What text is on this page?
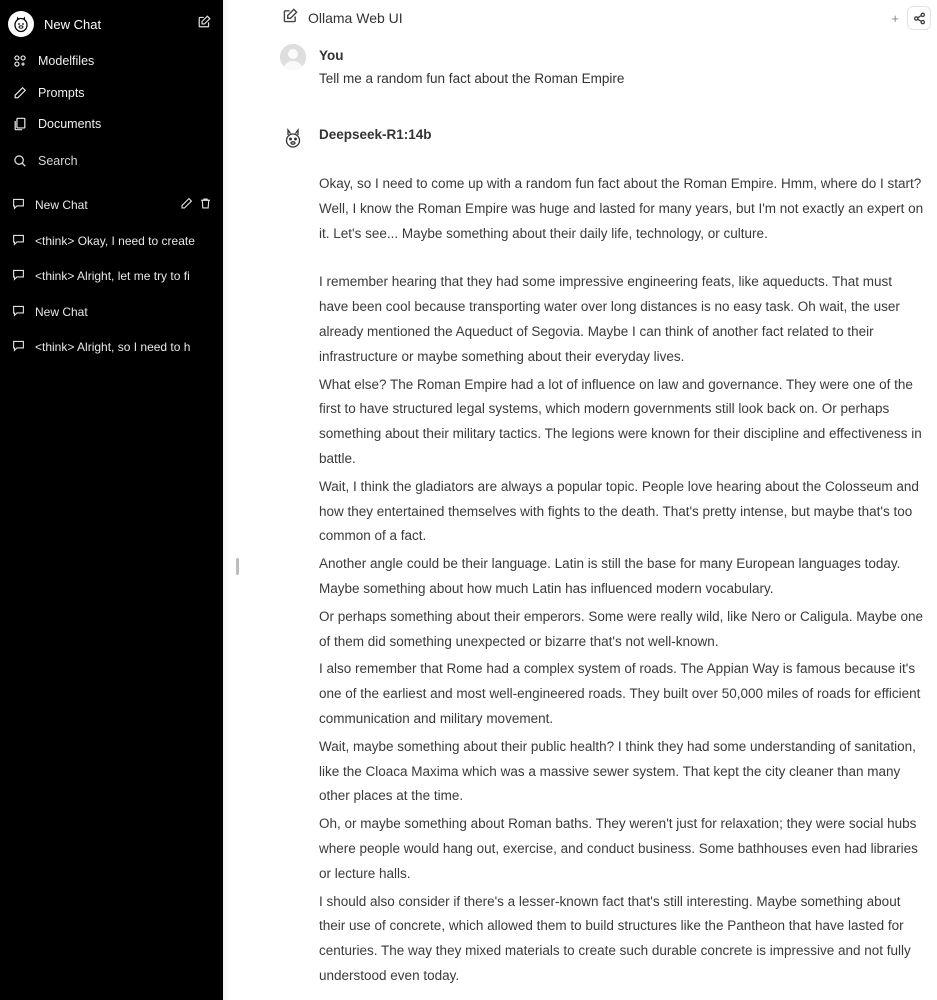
New Chat
Modelfiles
Prompts
Documents
Search
New Chat
<think> Okay, I need to create
<think> Alright, let me try to fi
New Chat
<think> Alright, so I need to h
Ollama Web UI	+
You
Tell me a random fun fact about the Roman Empire
Deepseek-R1:14b

Okay, so I need to come up with a random fun fact about the Roman Empire. Hmm, where do I start? Well, I know the Roman Empire was huge and lasted for many years, but I'm not exactly an expert on it. Let's see... Maybe something about their daily life, technology, or culture.

I remember hearing that they had some impressive engineering feats, like aqueducts. That must have been cool because transporting water over long distances is no easy task. Oh wait, the user already mentioned the Aqueduct of Segovia. Maybe I can think of another fact related to their infrastructure or maybe something about their everyday lives.

What else? The Roman Empire had a lot of influence on law and governance. They were one of the first to have structured legal systems, which modern governments still look back on. Or perhaps something about their military tactics. The legions were known for their discipline and effectiveness in battle.

Wait, I think the gladiators are always a popular topic. People love hearing about the Colosseum and how they entertained themselves with fights to the death. That's pretty intense, but maybe that's too common of a fact.

Another angle could be their language. Latin is still the base for many European languages today. Maybe something about how much Latin has influenced modern vocabulary.

Or perhaps something about their emperors. Some were really wild, like Nero or Caligula. Maybe one of them did something unexpected or bizarre that's not well-known.

I also remember that Rome had a complex system of roads. The Appian Way is famous because it's one of the earliest and most well-engineered roads. They built over 50,000 miles of roads for efficient communication and military movement.

Wait, maybe something about their public health? I think they had some understanding of sanitation, like the Cloaca Maxima which was a massive sewer system. That kept the city cleaner than many other places at the time.

Oh, or maybe something about Roman baths. They weren't just for relaxation; they were social hubs where people would hang out, exercise, and conduct business. Some bathhouses even had libraries or lecture halls.

I should also consider if there's a lesser-known fact that's still interesting. Maybe something about their use of concrete, which allowed them to build structures like the Pantheon that have lasted for centuries. The way they mixed materials to create such durable concrete is impressive and not fully understood even today.
